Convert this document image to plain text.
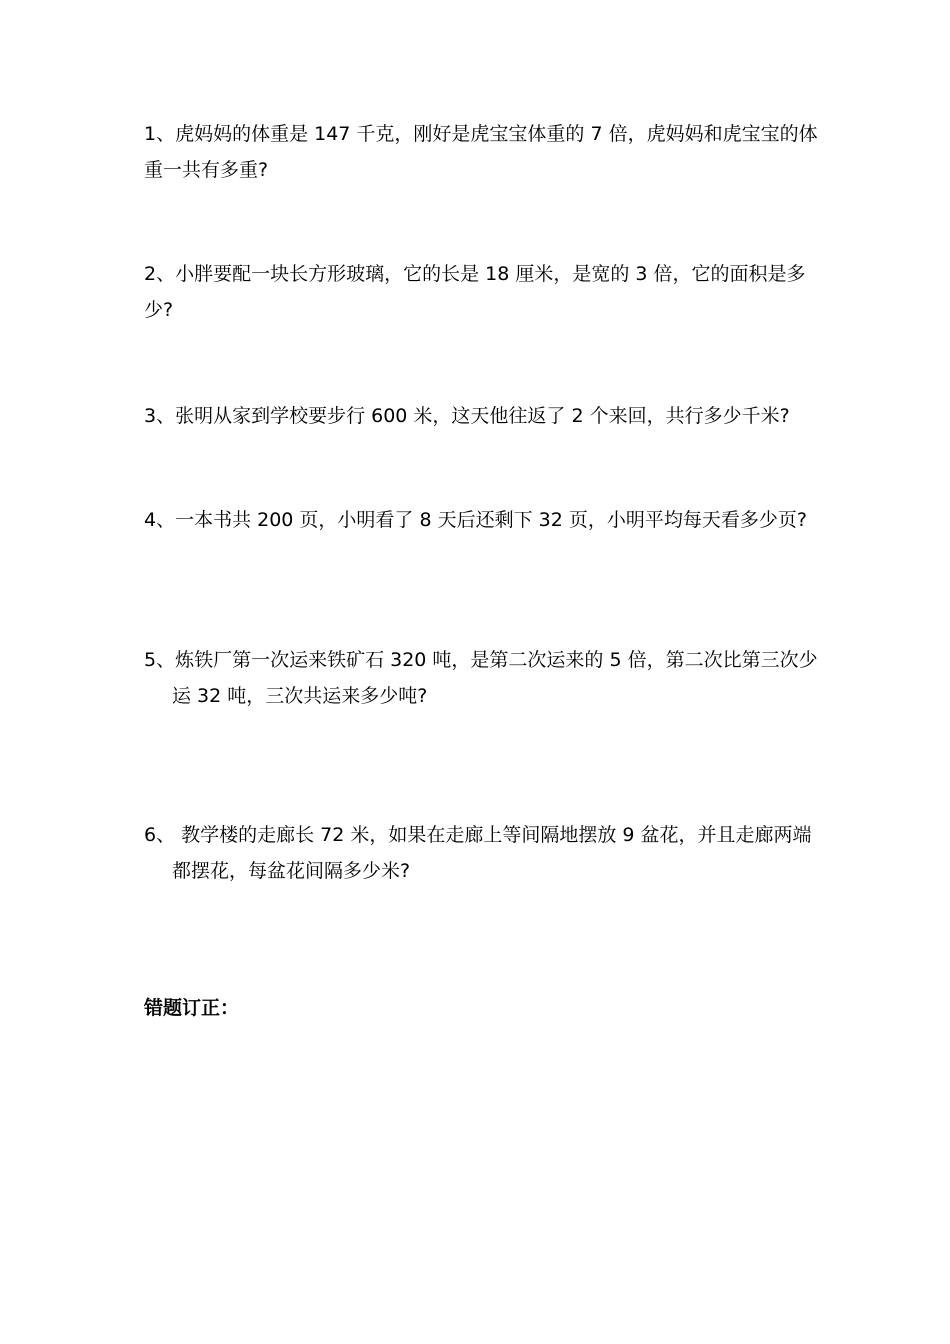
1、虎妈妈的体重是 147 千克，刚好是虎宝宝体重的 7 倍，虎妈妈和虎宝宝的体
重一共有多重?

2、小胖要配一块长方形玻璃，它的长是 18 厘米，是宽的 3 倍，它的面积是多
少?

3、张明从家到学校要步行 600 米，这天他往返了 2 个来回，共行多少千米?

4、一本书共 200 页，小明看了 8 天后还剩下 32 页，小明平均每天看多少页?

5、炼铁厂第一次运来铁矿石 320 吨，是第二次运来的 5 倍，第二次比第三次少
运 32 吨，三次共运来多少吨?

6、 教学楼的走廊长 72 米，如果在走廊上等间隔地摆放 9 盆花，并且走廊两端
都摆花，每盆花间隔多少米?

错题订正：
